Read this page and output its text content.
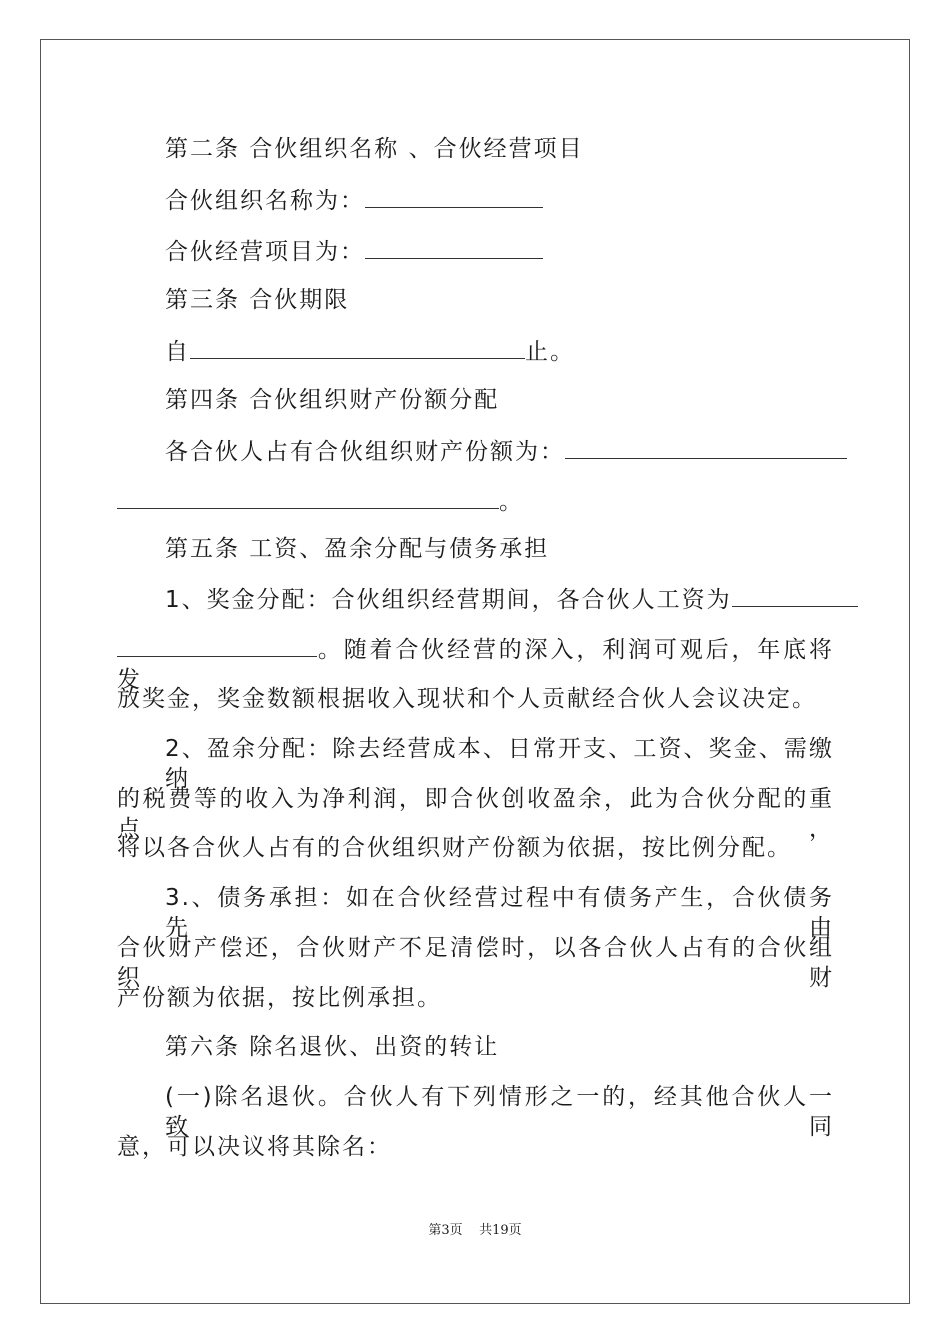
第二条 合伙组织名称 、合伙经营项目
合伙组织名称为：
合伙经营项目为：
第三条 合伙期限
自	止。
第四条 合伙组织财产份额分配
各合伙人占有合伙组织财产份额为：
。
第五条 工资、盈余分配与债务承担
1、奖金分配：合伙组织经营期间，各合伙人工资为
。随着合伙经营的深入，利润可观后，年底将发
放奖金，奖金数额根据收入现状和个人贡献经合伙人会议决定。
2、盈余分配：除去经营成本、日常开支、工资、奖金、需缴纳
的税费等的收入为净利润，即合伙创收盈余，此为合伙分配的重点，
将以各合伙人占有的合伙组织财产份额为依据，按比例分配。
3.、债务承担：如在合伙经营过程中有债务产生，合伙债务先由
合伙财产偿还，合伙财产不足清偿时，以各合伙人占有的合伙组织财
产份额为依据，按比例承担。
第六条 除名退伙、出资的转让
(一)除名退伙。合伙人有下列情形之一的，经其他合伙人一致同
意，可以决议将其除名：
第3页    共19页
